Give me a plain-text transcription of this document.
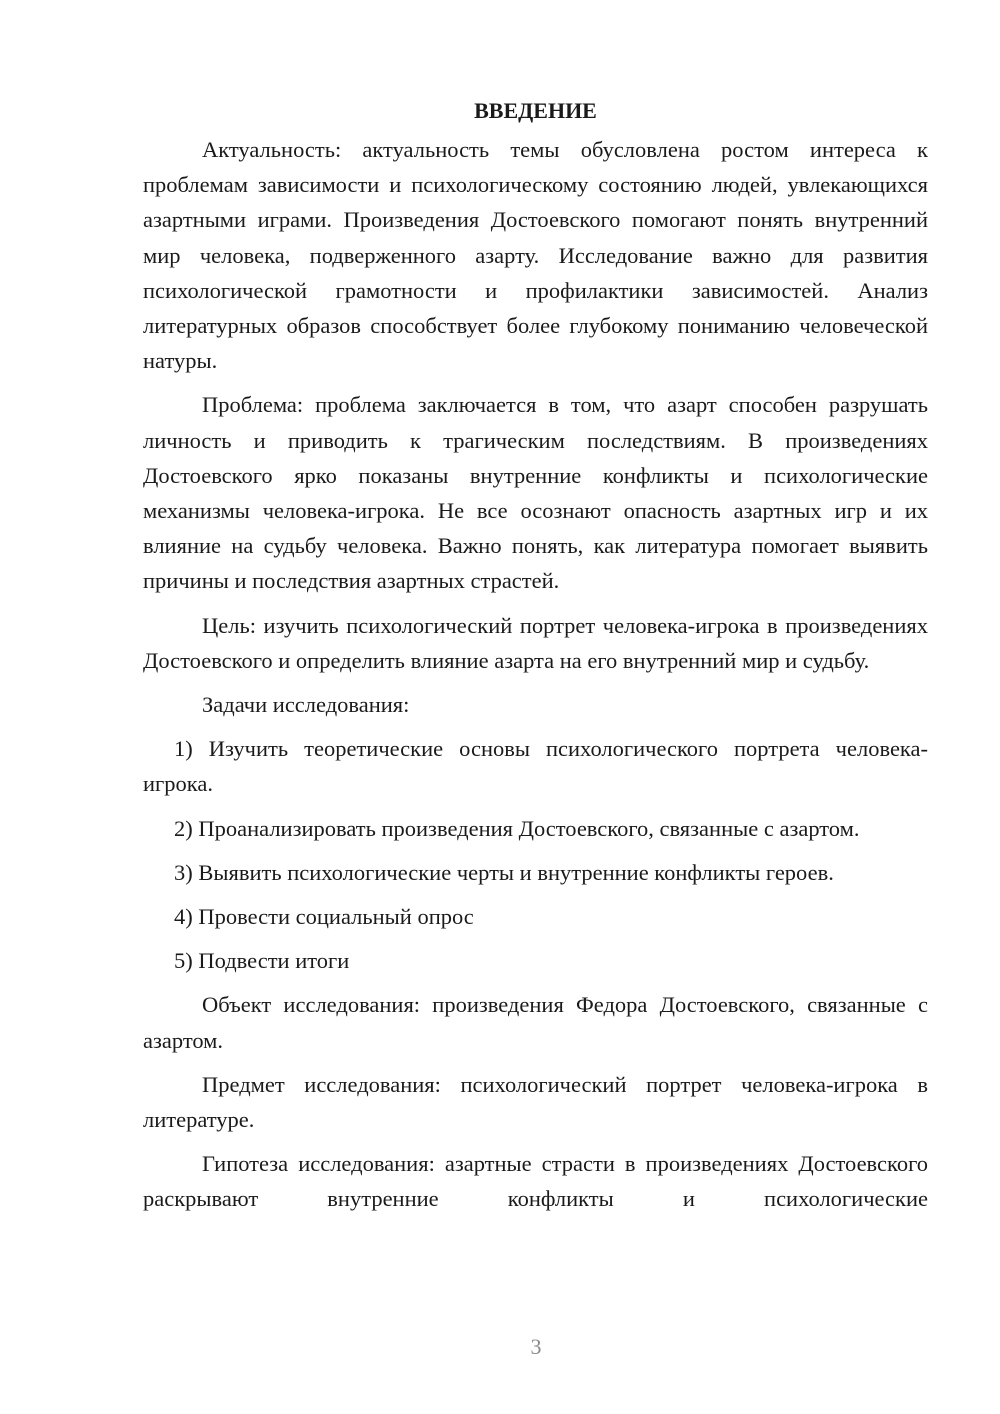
ВВЕДЕНИЕ

Актуальность: актуальность темы обусловлена ростом интереса к проблемам зависимости и психологическому состоянию людей, увлекающихся азартными играми. Произведения Достоевского помогают понять внутренний мир человека, подверженного азарту. Исследование важно для развития психологической грамотности и профилактики зависимостей. Анализ литературных образов способствует более глубокому пониманию человеческой натуры.

Проблема: проблема заключается в том, что азарт способен разрушать личность и приводить к трагическим последствиям. В произведениях Достоевского ярко показаны внутренние конфликты и психологические механизмы человека-игрока. Не все осознают опасность азартных игр и их влияние на судьбу человека. Важно понять, как литература помогает выявить причины и последствия азартных страстей.

Цель: изучить психологический портрет человека-игрока в произведениях Достоевского и определить влияние азарта на его внутренний мир и судьбу.

Задачи исследования:

1) Изучить теоретические основы психологического портрета человека-игрока.

2) Проанализировать произведения Достоевского, связанные с азартом.

3) Выявить психологические черты и внутренние конфликты героев.

4) Провести социальный опрос

5) Подвести итоги

Объект исследования: произведения Федора Достоевского, связанные с азартом.

Предмет исследования: психологический портрет человека-игрока в литературе.

Гипотеза исследования: азартные страсти в произведениях Достоевского раскрывают внутренние конфликты и психологические

3
